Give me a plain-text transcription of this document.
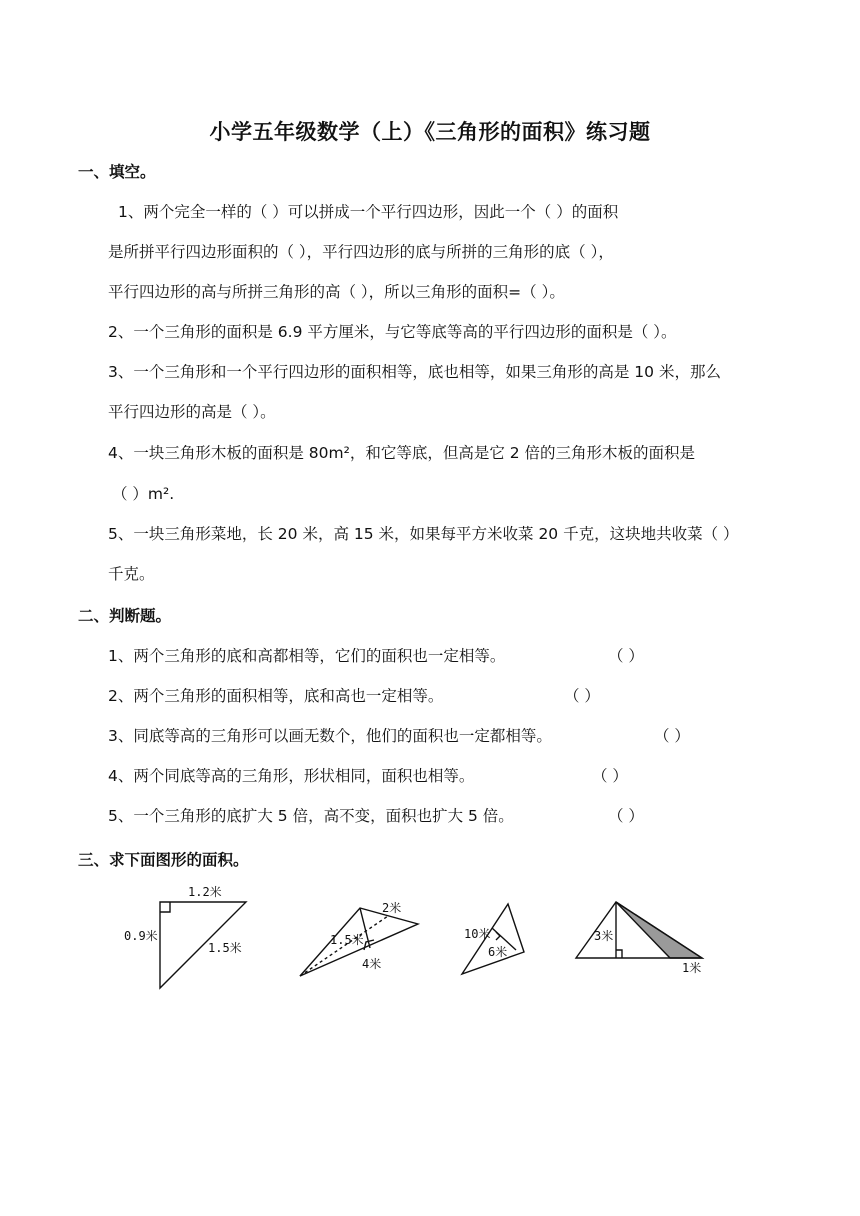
小学五年级数学（上）《三角形的面积》练习题
一、填空。
1、两个完全一样的（ ）可以拼成一个平行四边形，因此一个（ ）的面积
是所拼平行四边形面积的（ ），平行四边形的底与所拼的三角形的底（ ），
平行四边形的高与所拼三角形的高（ ），所以三角形的面积=（ ）。
2、一个三角形的面积是 6.9 平方厘米，与它等底等高的平行四边形的面积是（ ）。
3、一个三角形和一个平行四边形的面积相等，底也相等，如果三角形的高是 10 米，那么
平行四边形的高是（ ）。
4、一块三角形木板的面积是 80m²，和它等底，但高是它 2 倍的三角形木板的面积是
（ ）m².
5、一块三角形菜地，长 20 米，高 15 米，如果每平方米收菜 20 千克，这块地共收菜（ ）
千克。
二、判断题。
1、两个三角形的底和高都相等，它们的面积也一定相等。	（ ）
2、两个三角形的面积相等，底和高也一定相等。	（ ）
3、同底等高的三角形可以画无数个，他们的面积也一定都相等。	（ ）
4、两个同底等高的三角形，形状相同，面积也相等。	（ ）
5、一个三角形的底扩大 5 倍，高不变，面积也扩大 5 倍。	（ ）
三、求下面图形的面积。
1.2米
0.9米
1.5米
2米
1.5米
4米
10米
6米
3米
1米
